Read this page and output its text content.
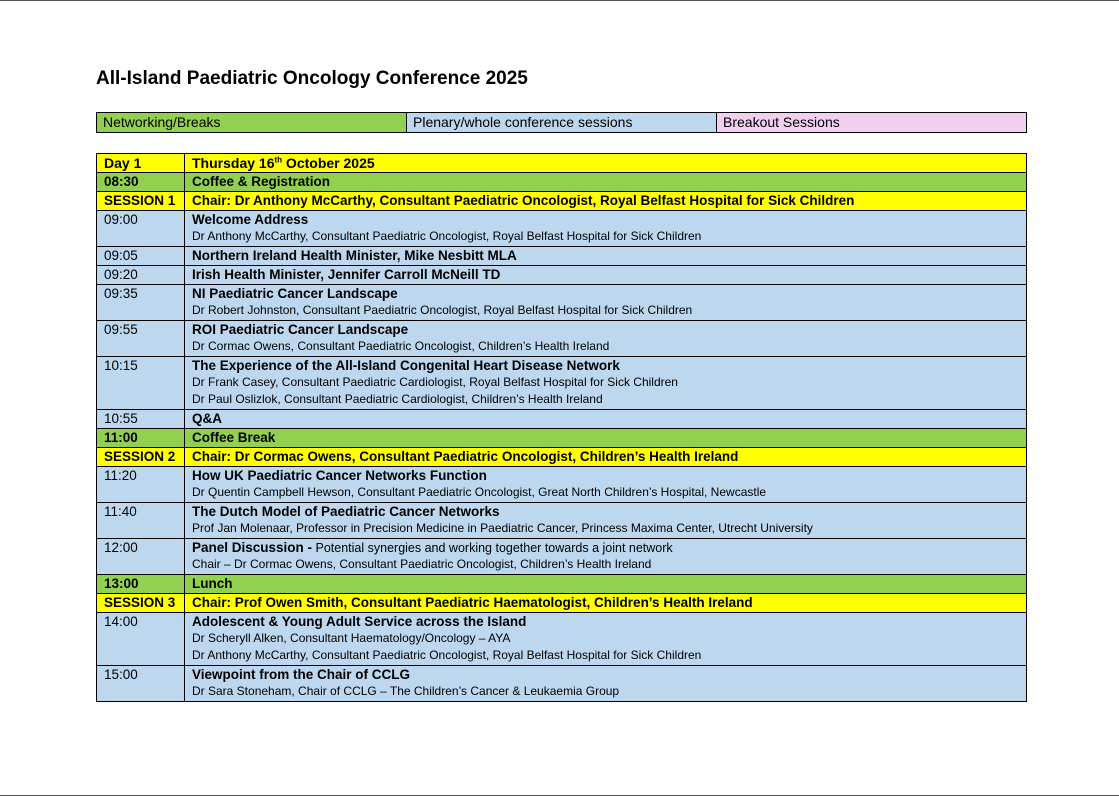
All-Island Paediatric Oncology Conference 2025
Networking/Breaks	Plenary/whole conference sessions	Breakout Sessions
Day 1	Thursday 16th October 2025
08:30	Coffee & Registration

SESSION 1	Chair: Dr Anthony McCarthy, Consultant Paediatric Oncologist, Royal Belfast Hospital for Sick Children

09:00	Welcome Address
Dr Anthony McCarthy, Consultant Paediatric Oncologist, Royal Belfast Hospital for Sick Children

09:05	Northern Ireland Health Minister, Mike Nesbitt MLA

09:20	Irish Health Minister, Jennifer Carroll McNeill TD

09:35	NI Paediatric Cancer Landscape
Dr Robert Johnston, Consultant Paediatric Oncologist, Royal Belfast Hospital for Sick Children

09:55	ROI Paediatric Cancer Landscape
Dr Cormac Owens, Consultant Paediatric Oncologist, Children’s Health Ireland

10:15	The Experience of the All-Island Congenital Heart Disease Network
Dr Frank Casey, Consultant Paediatric Cardiologist, Royal Belfast Hospital for Sick Children
Dr Paul Oslizlok, Consultant Paediatric Cardiologist, Children’s Health Ireland

10:55	Q&A

11:00	Coffee Break

SESSION 2	Chair: Dr Cormac Owens, Consultant Paediatric Oncologist, Children’s Health Ireland

11:20	How UK Paediatric Cancer Networks Function
Dr Quentin Campbell Hewson, Consultant Paediatric Oncologist, Great North Children’s Hospital, Newcastle

11:40	The Dutch Model of Paediatric Cancer Networks
Prof Jan Molenaar, Professor in Precision Medicine in Paediatric Cancer, Princess Maxima Center, Utrecht University

12:00	Panel Discussion - Potential synergies and working together towards a joint network
Chair – Dr Cormac Owens, Consultant Paediatric Oncologist, Children’s Health Ireland

13:00	Lunch

SESSION 3	Chair: Prof Owen Smith, Consultant Paediatric Haematologist, Children’s Health Ireland

14:00	Adolescent & Young Adult Service across the Island
Dr Scheryll Alken, Consultant Haematology/Oncology – AYA
Dr Anthony McCarthy, Consultant Paediatric Oncologist, Royal Belfast Hospital for Sick Children

15:00	Viewpoint from the Chair of CCLG
Dr Sara Stoneham, Chair of CCLG – The Children’s Cancer & Leukaemia Group
